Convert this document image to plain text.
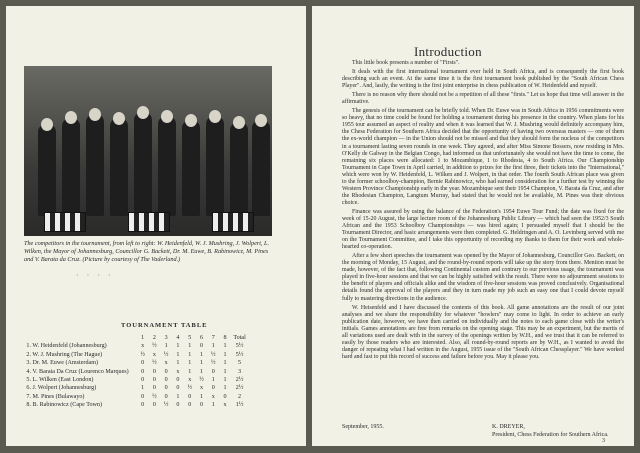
The competitors in the tournament, from left to right: W. Heidenfeld, W. J. Mushring, J. Wolpert, L. Wilken, the Mayor of Johannesburg, Councillor G. Backett, Dr. M. Euwe, B. Rabinowicz, M. Pines and V. Barata da Cruz. (Picture by courtesy of The Vaderland.)
· · · ·
TOURNAMENT TABLE
	1	2	3	4	5	6	7	8	Total
1. W. Heidenfeld (Johannesburg)	x	½	1	1	1	0	1	1	5½
2. W. J. Mushring (The Hague)	½	x	½	1	1	1	½	1	5½
3. Dr. M. Euwe (Amsterdam)	0	½	x	1	1	1	½	1	5
4. V. Barata Da Cruz (Lourenco Marques)	0	0	0	x	1	1	0	1	3
5. L. Wilken (East London)	0	0	0	0	x	½	1	1	2½
6. J. Wolpert (Johannesburg)	1	0	0	0	½	x	0	1	2½
7. M. Pines (Bulawayo)	0	½	0	1	0	1	x	0	2
8. B. Rabinowicz (Cape Town)	0	0	½	0	0	0	1	x	1½
Introduction

This little book presents a number of "Firsts".

It deals with the first international tournament ever held in South Africa, and is consequently the first book describing such an event. At the same time it is the first tournament book published by the "South African Chess Player". And, lastly, the writing is the first joint enterprise in chess publication of W. Heidenfeld and myself.

There is no reason why there should not be a repetition of all these "firsts." Let us hope that time will answer in the affirmative.

The genesis of the tournament can be briefly told. When Dr. Euwe was in South Africa in 1956 commitments were so heavy, that no time could be found for holding a tournament during his presence in the country. When plans for his 1955 tour assumed an aspect of reality and when it was learned that W. J. Mushring would definitely accompany him, the Chess Federation for Southern Africa decided that the opportunity of having two overseas masters — one of them the ex-world champion — in the Union should not be missed and that they should form the nucleus of the competitors in a tournament lasting seven rounds in one week. They agreed, and after Miss Simone Bossers, now residing in Mrs. O'Kelly de Galway in the Belgian Congo, had informed us that unfortunately she would not have the time to come, the remaining six places were allocated: 1 to Mozambique, 1 to Rhodesia, 4 to South Africa. Our Championship Tournament in Cape Town in April carried, in addition to prizes for the first three, their tickets into the "International," which were won by W. Heidenfeld, L. Wilken and J. Wolpert, in that order. The fourth South African place was given to the former schoolboy-champion, Bernie Rabinowicz, who had earned consideration for a further test by winning the Western Province Championship early in the year. Mozambique sent their 1954 Champion, V. Barata da Cruz, and after the Rhodesian Champion, Langtum Murray, had stated that he would not be available, M. Pines was their obvious choice.

Finance was assured by using the balance of the Federation's 1954 Euwe Tour Fund; the date was fixed for the week of 15-20 August, the large lecture room of the Johannesburg Public Library — which had seen the 1952/3 South African and the 1953 Schoolboy Championships — was hired again; I persuaded myself that I should be the Tournament Director, and basic arrangements were then completed. G. Heldringen and A. O. Levinberg served with me on the Tournament Committee, and I take this opportunity of recording my thanks to them for their work and whole-hearted co-operation.

After a few short speeches the tournament was opened by the Mayor of Johannesburg, Councillor Geo. Backett, on the morning of Monday, 15 August, and the round-by-round reports will take up the story from there. Mention must be made, however, of the fact that, following Continental custom and contrary to our previous usage, the tournament was played in five-hour sessions and that we can be highly satisfied with the result. There were no adjournment sessions to the benefit of players and officials alike and the wisdom of five-hour sessions was proved conclusively. Organisational details found the approval of the players and they in turn made my job such an easy one that I could devote myself fully to mastering directions in the audience.

W. Heisenfeld and I have discussed the contents of this book. All game annotations are the result of our joint analyses and we share the responsibility for whatever "howlers" may come to light. In order to achieve an early publication date, however, we have then carried on individually and the notes to each game close with the writer's initials. Games annotations are free from remarks on the opening stage. This may be an experiment, but the merits of all variations used are dealt with in the survey of the openings written by W.H., and we trust that it can be referred to easily by those readers who are interested. Also, all round-by-round reports are by W.H., as I wanted to avoid the danger of repeating what I had written in the August, 1955 issue of the "South African Chessplayer." We have worked hard and fast to put this record of success and failure before you. May it please you.

September, 1955.	K. DREYER,
President, Chess Federation for Southern Africa.
3
